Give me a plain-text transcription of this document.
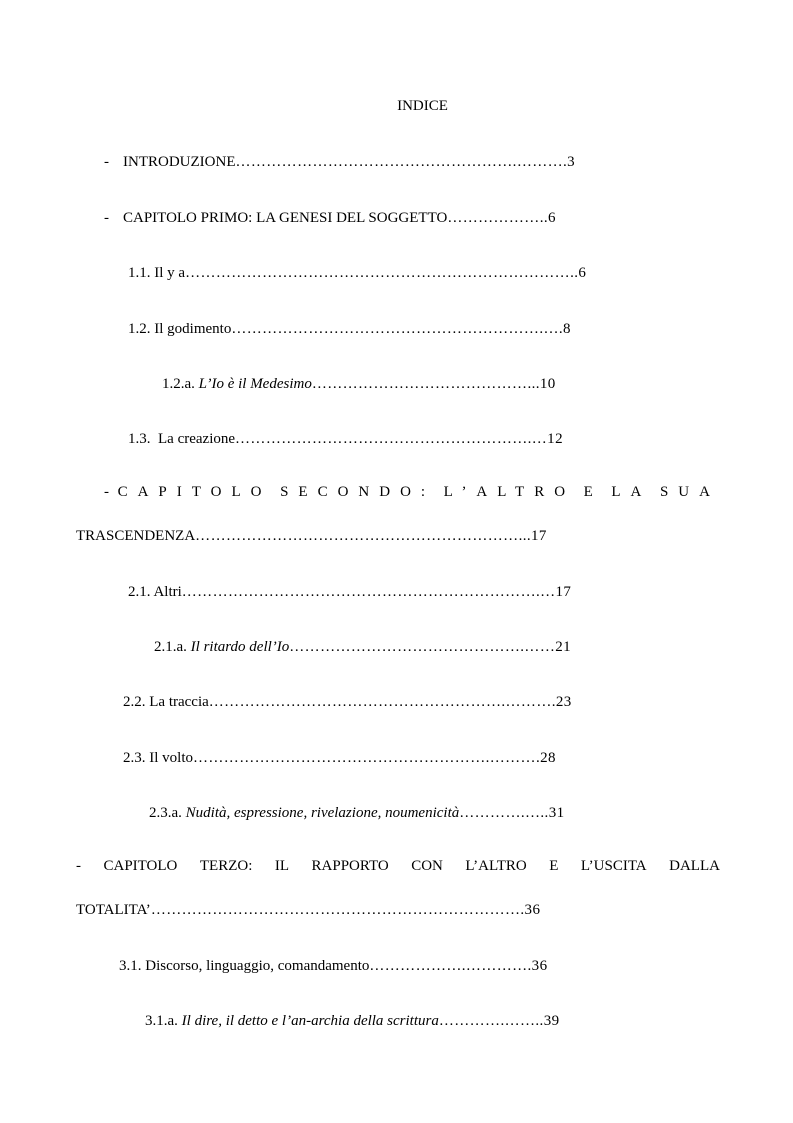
INDICE
- INTRODUZIONE……………………………………………….……….3
- CAPITOLO PRIMO: LA GENESI DEL SOGGETTO………………..6
1.1. Il y a…………………………………………………………………..6
1.2. Il godimento…………………………………………………….….8
1.2.a. L’Io è il Medesimo……………………………………...10
1.3. La creazione………………………………………………….…12
- CAPITOLO SECONDO: L’ALTRO E LA SUA
TRASCENDENZA………………………………………………………...17
2.1. Altri…………………………………………………………….…17
2.1.a. Il ritardo dell’Io……………………………………….……21
2.2. La traccia………………………………………………….……….23
2.3. Il volto………………………………………………….……….28
2.3.a. Nudità, espressione, rivelazione, noumenicità………….…..31
- CAPITOLO TERZO: IL RAPPORTO CON L’ALTRO E L’USCITA DALLA
TOTALITA’……………………………………………………………….36
3.1. Discorso, linguaggio, comandamento……………….………….36
3.1.a. Il dire, il detto e l’an-archia della scrittura………….……..39
